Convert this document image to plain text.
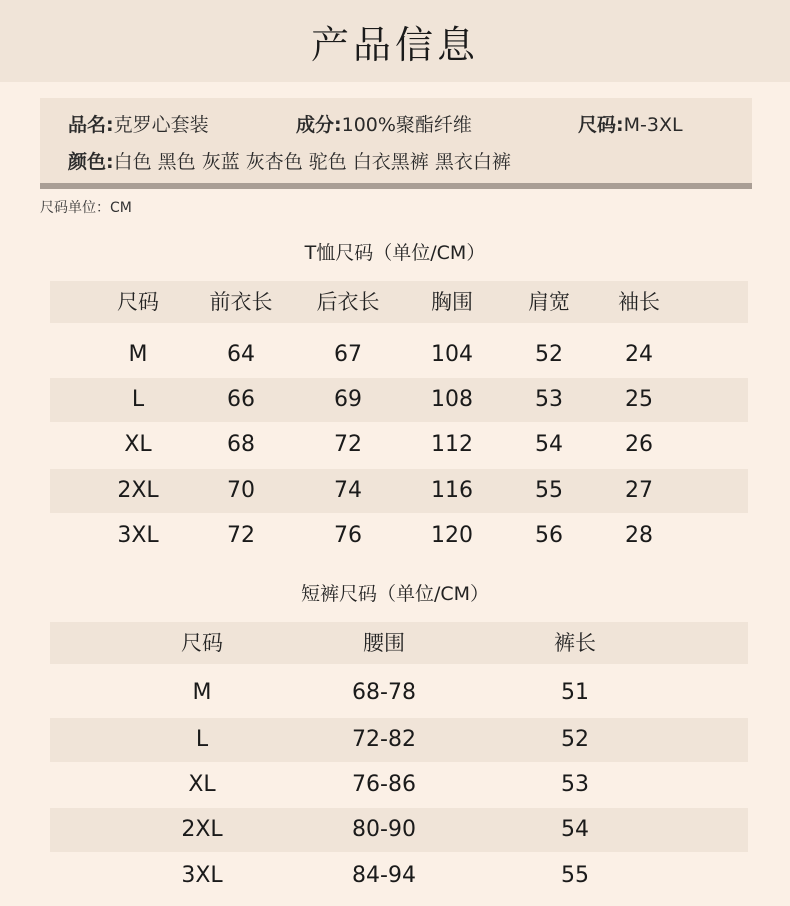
产品信息
品名:克罗心套装	成分:100%聚酯纤维	尺码:M-3XL
颜色:白色 黑色 灰蓝 灰杏色 驼色 白衣黑裤 黑衣白裤
尺码单位：CM
T恤尺码（单位/CM）
尺码 前衣长 后衣长 胸围	肩宽 袖长
M	64	67	104	52	24
L	66	69	108	53	25
XL	68	72	112	54	26
2XL	70	74	116	55	27
3XL	72	76	120	56	28
短裤尺码（单位/CM）
尺码	腰围	裤长
M	68-78	51
L	72-82	52
XL	76-86	53
2XL	80-90	54
3XL	84-94	55
